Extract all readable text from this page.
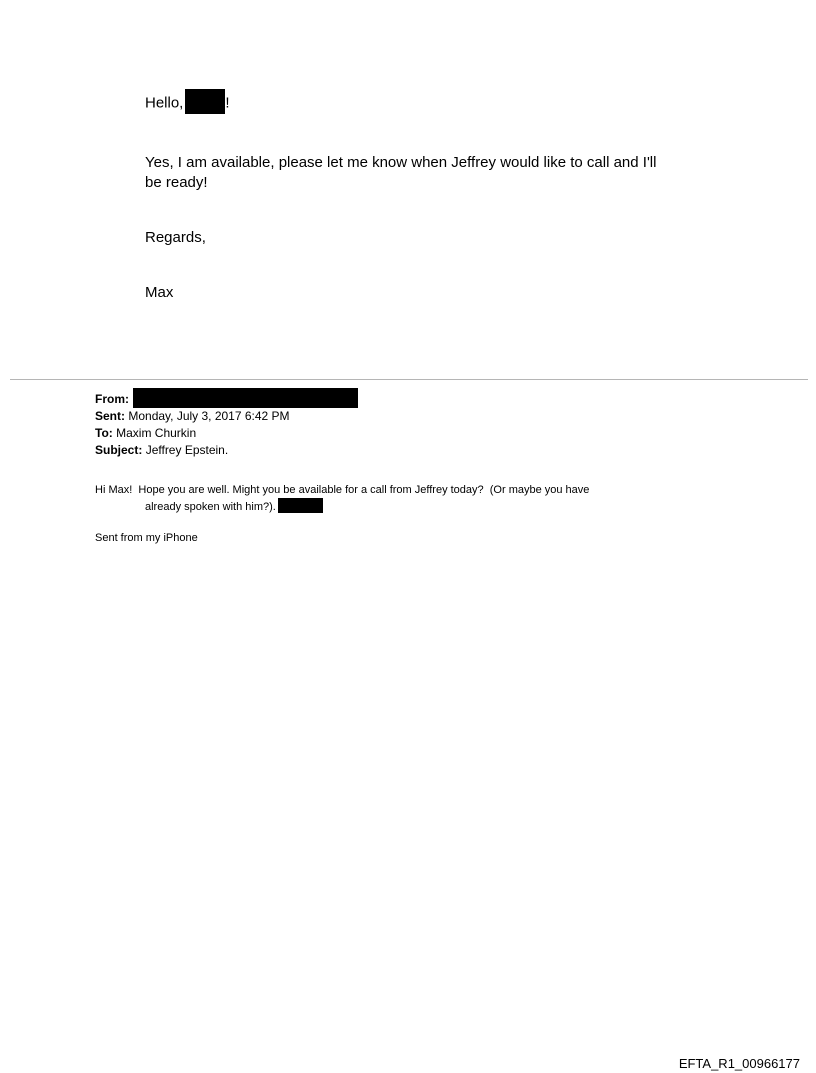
Hello,	!

Yes, I am available, please let me know when Jeffrey would like to call and I'll be ready!

Regards,

Max

From:
Sent: Monday, July 3, 2017 6:42 PM
To: Maxim Churkin
Subject: Jeffrey Epstein.
Hi Max!  Hope you are well. Might you be available for a call from Jeffrey today?  (Or maybe you have
already spoken with him?).
Sent from my iPhone
EFTA_R1_00966177
